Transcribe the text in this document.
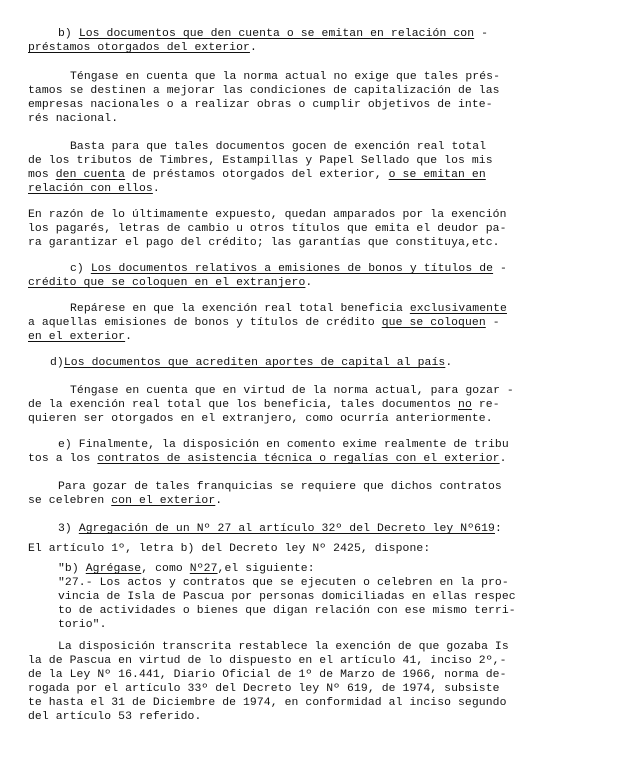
b) Los documentos que den cuenta o se emitan en relación con -
préstamos otorgados del exterior.
Téngase en cuenta que la norma actual no exige que tales prés-
tamos se destinen a mejorar las condiciones de capitalización de las
empresas nacionales o a realizar obras o cumplir objetivos de inte-
rés nacional.
Basta para que tales documentos gocen de exención real total
de los tributos de Timbres, Estampillas y Papel Sellado que los mis
mos den cuenta de préstamos otorgados del exterior, o se emitan en
relación con ellos.
En razón de lo últimamente expuesto, quedan amparados por la exención
los pagarés, letras de cambio u otros títulos que emita el deudor pa-
ra garantizar el pago del crédito; las garantías que constituya,etc.
c) Los documentos relativos a emisiones de bonos y títulos de -
crédito que se coloquen en el extranjero.
Repárese en que la exención real total beneficia exclusivamente
a aquellas emisiones de bonos y títulos de crédito que se coloquen -
en el exterior.
d)Los documentos que acrediten aportes de capital al país.
Téngase en cuenta que en virtud de la norma actual, para gozar -
de la exención real total que los beneficia, tales documentos no re-
quieren ser otorgados en el extranjero, como ocurría anteriormente.
e) Finalmente, la disposición en comento exime realmente de tribu
tos a los contratos de asistencia técnica o regalías con el exterior.
Para gozar de tales franquicias se requiere que dichos contratos
se celebren con el exterior.
3) Agregación de un Nº 27 al artículo 32º del Decreto ley Nº619:
El artículo 1º, letra b) del Decreto ley Nº 2425, dispone:
"b) Agrégase, como Nº27,el siguiente:
"27.- Los actos y contratos que se ejecuten o celebren en la pro-
vincia de Isla de Pascua por personas domiciliadas en ellas respec
to de actividades o bienes que digan relación con ese mismo terri-
torio".
La disposición transcrita restablece la exención de que gozaba Is
la de Pascua en virtud de lo dispuesto en el artículo 41, inciso 2º,-
de la Ley Nº 16.441, Diario Oficial de 1º de Marzo de 1966, norma de-
rogada por el artículo 33º del Decreto ley Nº 619, de 1974, subsiste
te hasta el 31 de Diciembre de 1974, en conformidad al inciso segundo
del artículo 53 referido.
